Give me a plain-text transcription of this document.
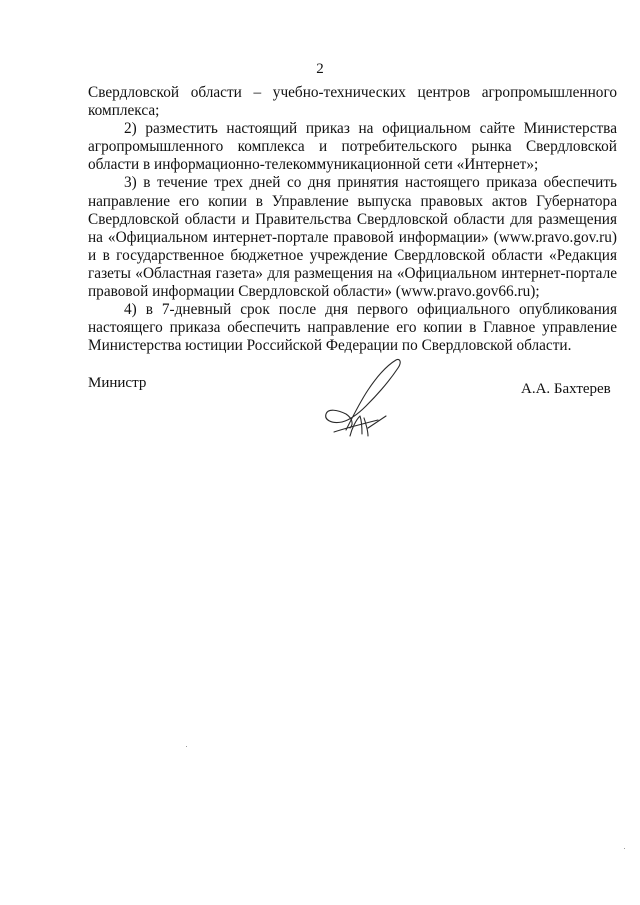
2

Свердловской области – учебно-технических центров агропромышленного комплекса;

2) разместить настоящий приказ на официальном сайте Министерства агропромышленного комплекса и потребительского рынка Свердловской области в информационно-телекоммуникационной сети «Интернет»;

3) в течение трех дней со дня принятия настоящего приказа обеспечить направление его копии в Управление выпуска правовых актов Губернатора Свердловской области и Правительства Свердловской области для размещения на «Официальном интернет-портале правовой информации» (www.pravo.gov.ru) и в государственное бюджетное учреждение Свердловской области «Редакция газеты «Областная газета» для размещения на «Официальном интернет-портале правовой информации Свердловской области» (www.pravo.gov66.ru);

4) в 7-дневный срок после дня первого официального опубликования настоящего приказа обеспечить направление его копии в Главное управление Министерства юстиции Российской Федерации по Свердловской области.

Министр	А.А. Бахтерев
